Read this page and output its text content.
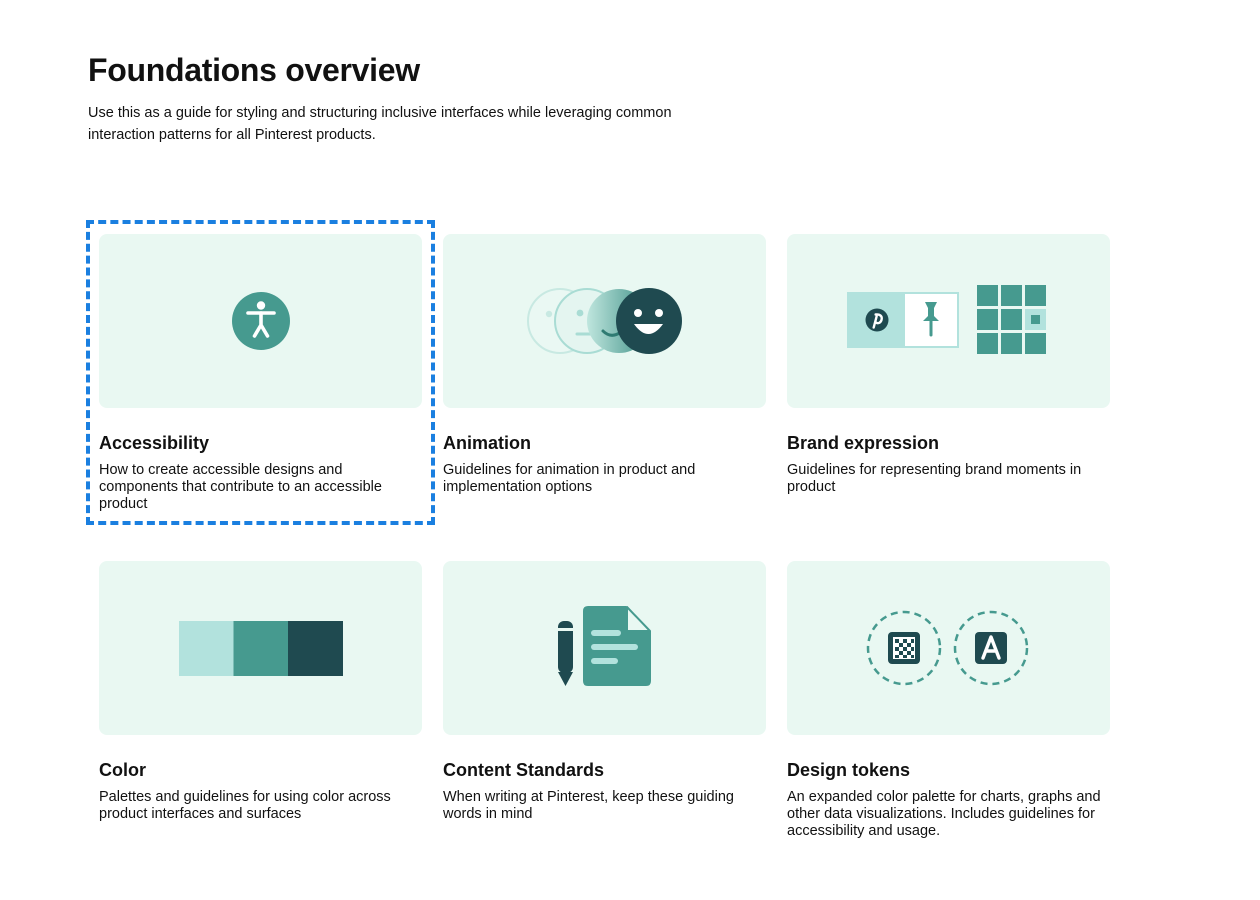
Foundations overview

Use this as a guide for styling and structuring inclusive interfaces while leveraging common interaction patterns for all Pinterest products.

Accessibility

How to create accessible designs and components that contribute to an accessible product

Animation

Guidelines for animation in product and implementation options

Brand expression

Guidelines for representing brand moments in product

Color

Palettes and guidelines for using color across product interfaces and surfaces

Content Standards

When writing at Pinterest, keep these guiding words in mind

Design tokens

An expanded color palette for charts, graphs and other data visualizations. Includes guidelines for accessibility and usage.
